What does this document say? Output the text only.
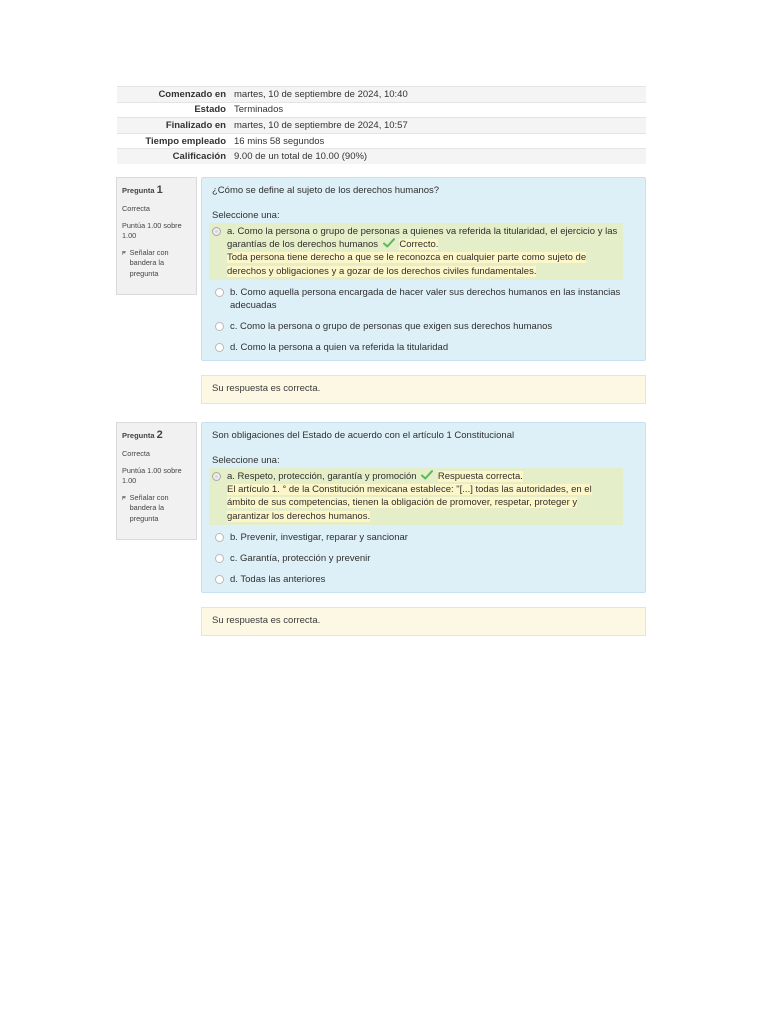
Comenzado en	martes, 10 de septiembre de 2024, 10:40
Estado	Terminados
Finalizado en	martes, 10 de septiembre de 2024, 10:57
Tiempo empleado	16 mins 58 segundos
Calificación	9.00 de un total de 10.00 (90%)
Pregunta 1
Correcta
Puntúa 1.00 sobre 1.00
Señalar con bandera la pregunta
¿Cómo se define al sujeto de los derechos humanos?
Seleccione una:
a. Como la persona o grupo de personas a quienes va referida la titularidad, el ejercicio y las garantías de los derechos humanos Correcto.
Toda persona tiene derecho a que se le reconozca en cualquier parte como sujeto de derechos y obligaciones y a gozar de los derechos civiles fundamentales.
b. Como aquella persona encargada de hacer valer sus derechos humanos en las instancias adecuadas
c. Como la persona o grupo de personas que exigen sus derechos humanos
d. Como la persona a quien va referida la titularidad
Su respuesta es correcta.
Pregunta 2
Correcta
Puntúa 1.00 sobre 1.00
Señalar con bandera la pregunta
Son obligaciones del Estado de acuerdo con el artículo 1 Constitucional
Seleccione una:
a. Respeto, protección, garantía y promoción Respuesta correcta.
El artículo 1. ° de la Constitución mexicana establece: "[...] todas las autoridades, en el ámbito de sus competencias, tienen la obligación de promover, respetar, proteger y garantizar los derechos humanos.
b. Prevenir, investigar, reparar y sancionar
c. Garantía, protección y prevenir
d. Todas las anteriores
Su respuesta es correcta.
